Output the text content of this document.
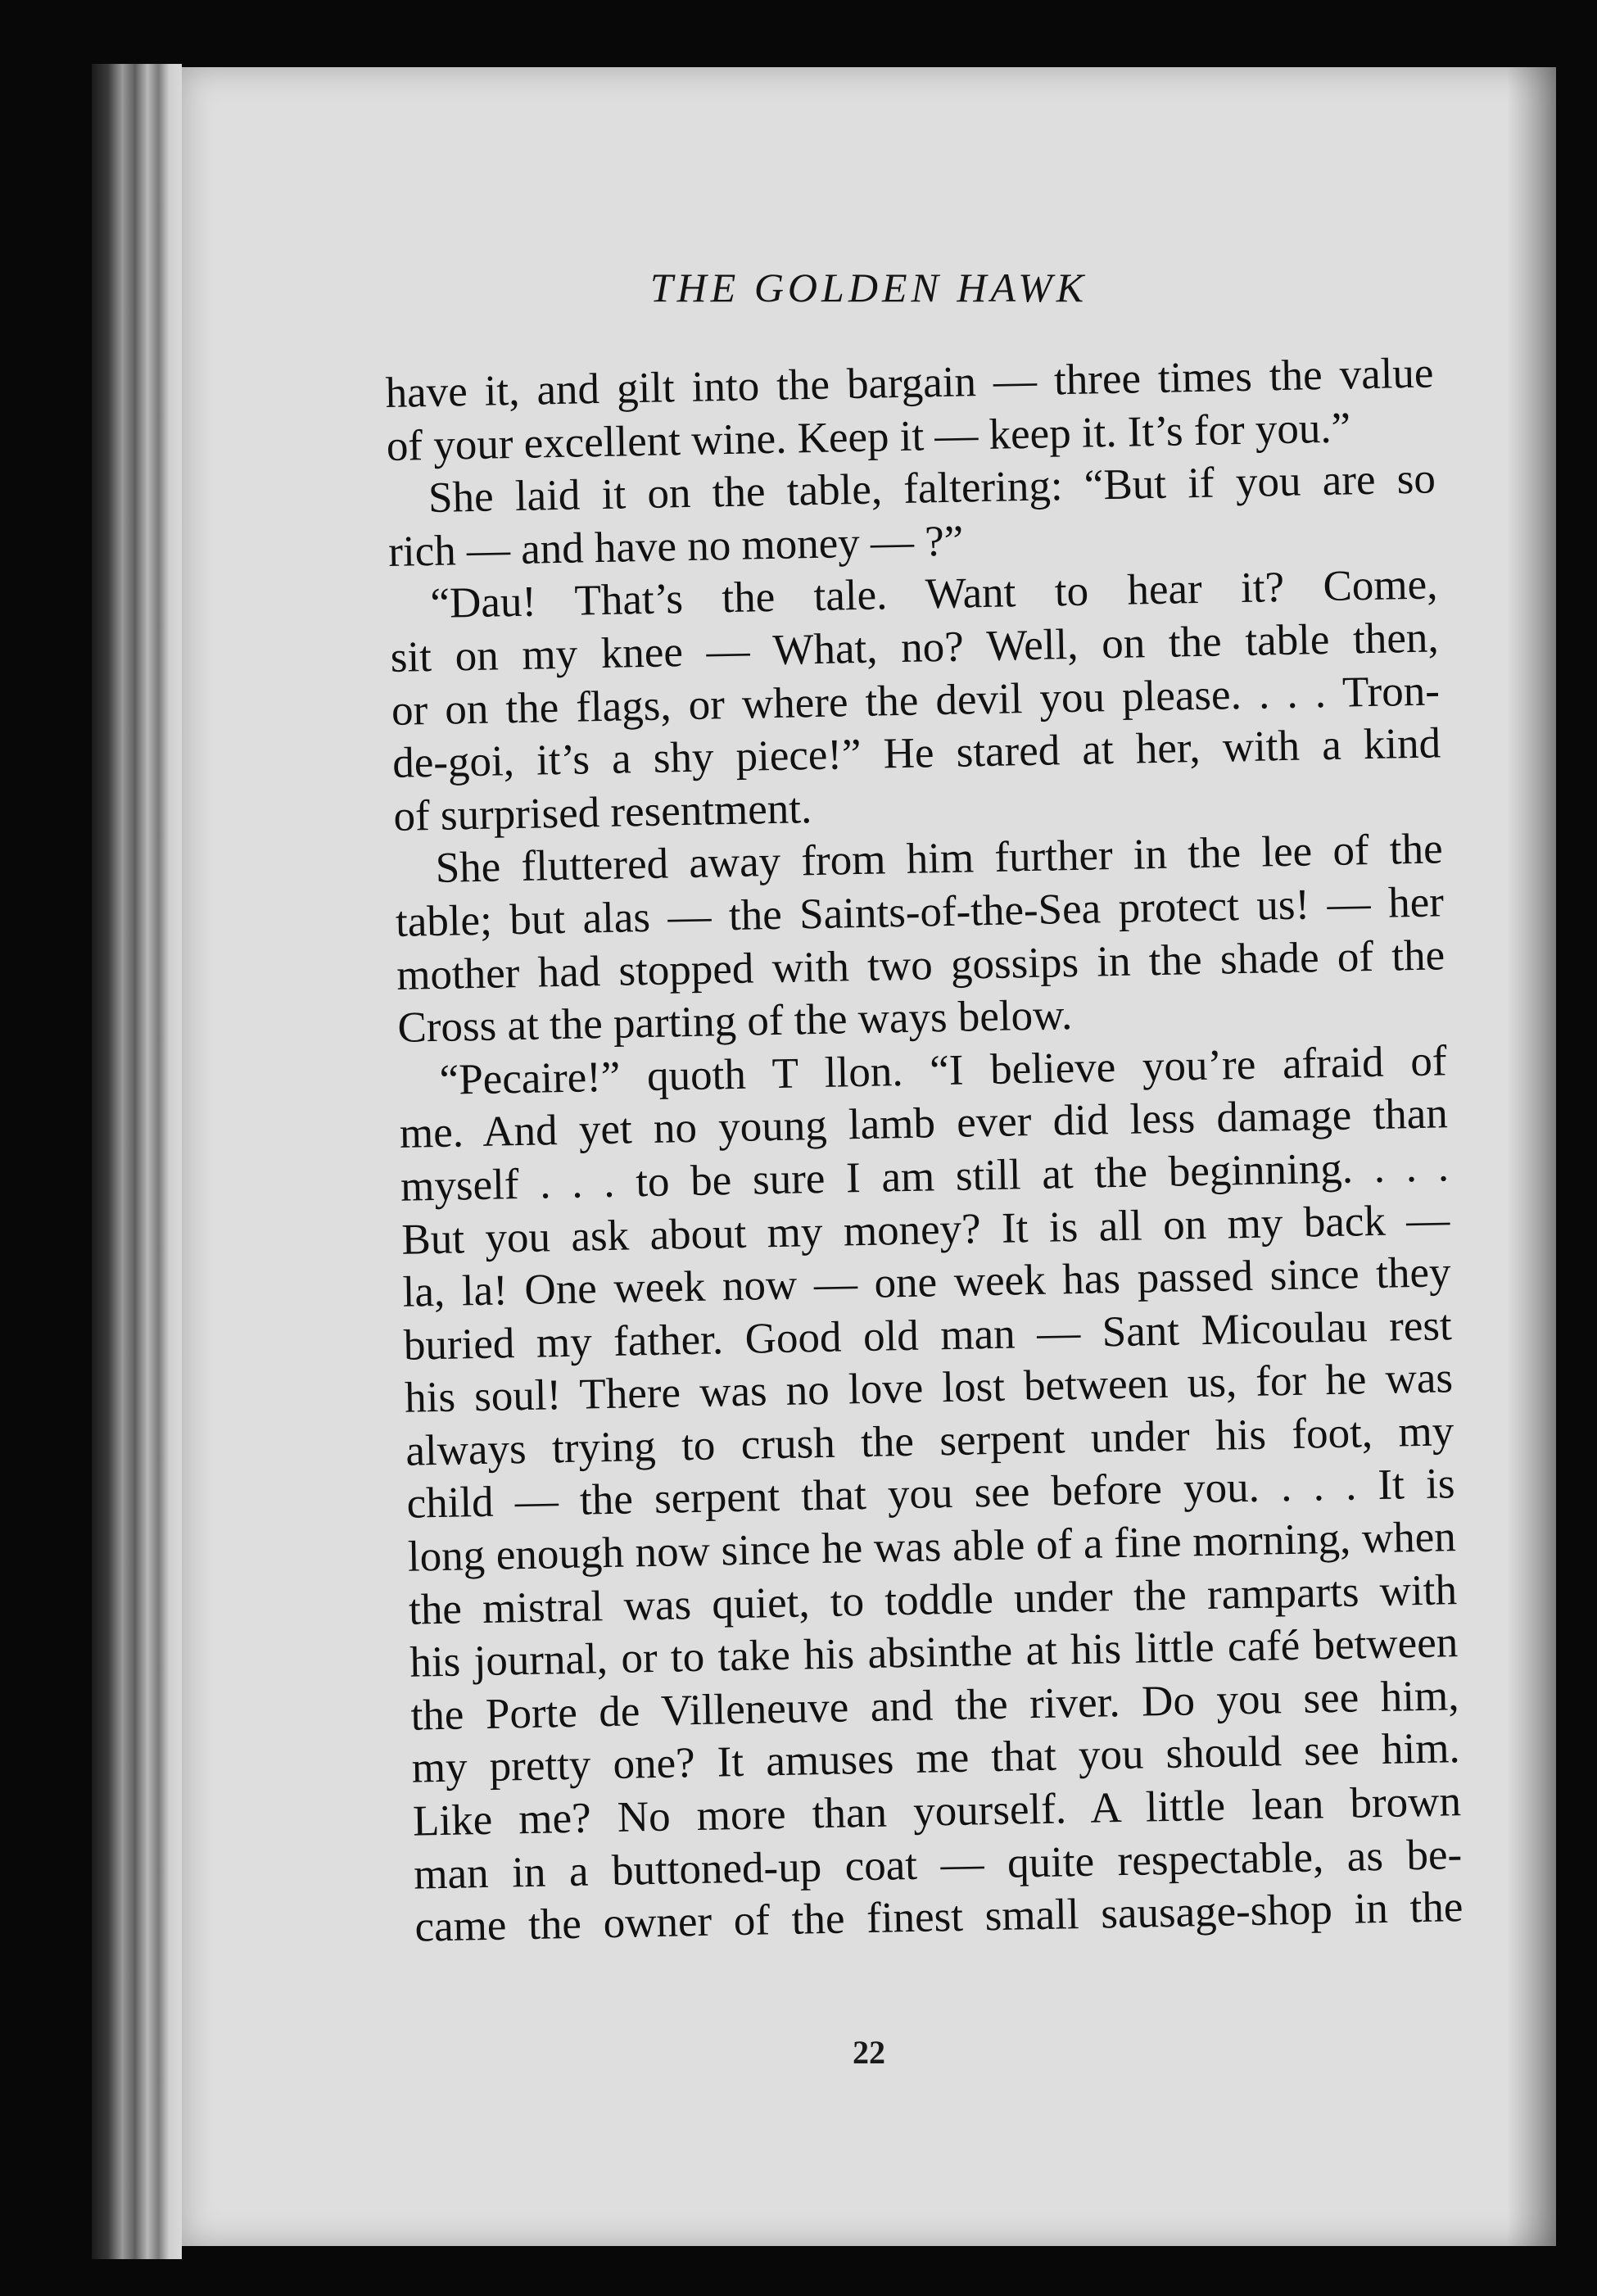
THE GOLDEN HAWK
have it, and gilt into the bargain — three times the value
of your excellent wine. Keep it — keep it. It’s for you.”
She laid it on the table, faltering: “But if you are so
rich — and have no money — ?”
“Dau! That’s the tale. Want to hear it? Come,
sit on my knee — What, no? Well, on the table then,
or on the flags, or where the devil you please. . . . Tron-
de-goi, it’s a shy piece!” He stared at her, with a kind
of surprised resentment.
She fluttered away from him further in the lee of the
table; but alas — the Saints-of-the-Sea protect us! — her
mother had stopped with two gossips in the shade of the
Cross at the parting of the ways below.
“Pecaire!” quoth T llon. “I believe you’re afraid of
me. And yet no young lamb ever did less damage than
myself . . . to be sure I am still at the beginning. . . .
But you ask about my money? It is all on my back —
la, la! One week now — one week has passed since they
buried my father. Good old man — Sant Micoulau rest
his soul! There was no love lost between us, for he was
always trying to crush the serpent under his foot, my
child — the serpent that you see before you. . . . It is
long enough now since he was able of a fine morning, when
the mistral was quiet, to toddle under the ramparts with
his journal, or to take his absinthe at his little café between
the Porte de Villeneuve and the river. Do you see him,
my pretty one? It amuses me that you should see him.
Like me? No more than yourself. A little lean brown
man in a buttoned-up coat — quite respectable, as be-
came the owner of the finest small sausage-shop in the
22
